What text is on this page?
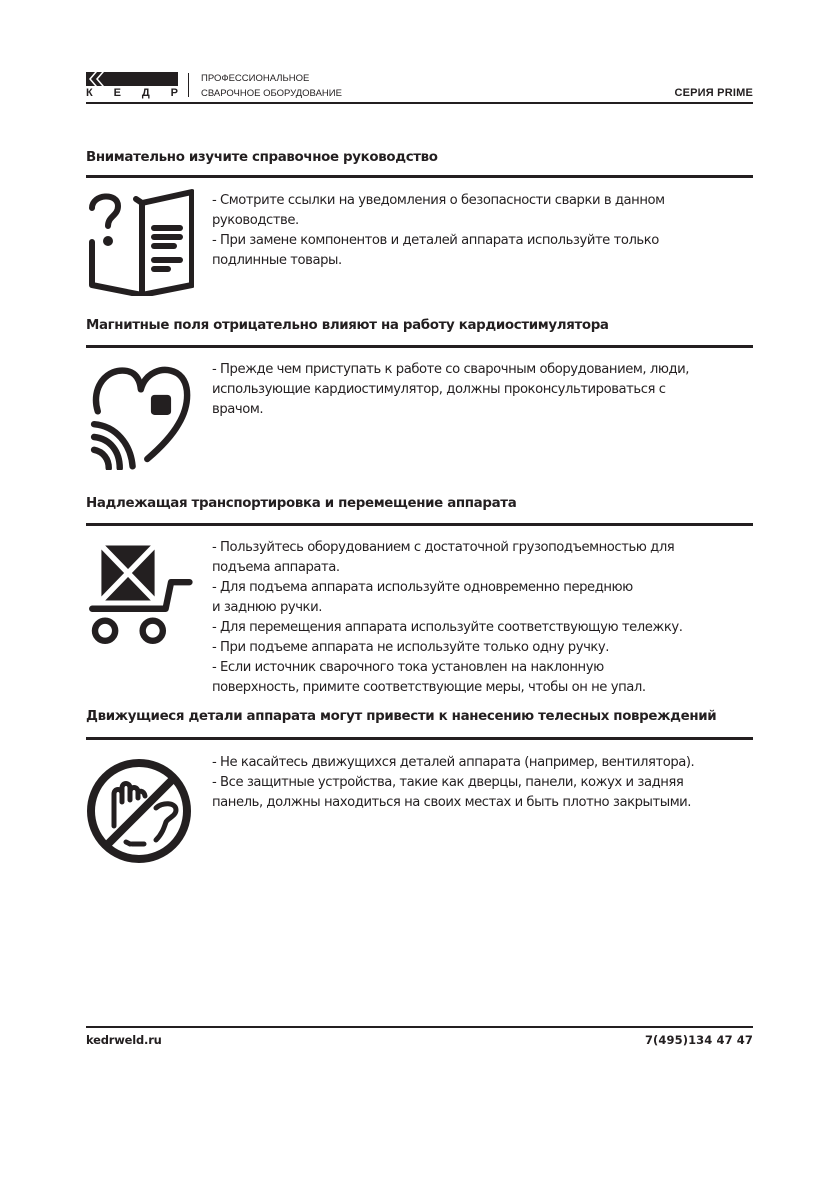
К Е Д Р
ПРОФЕССИОНАЛЬНОЕ
СВАРОЧНОЕ ОБОРУДОВАНИЕ	СЕРИЯ PRIME
Внимательно изучите справочное руководство
- Смотрите ссылки на уведомления о безопасности сварки в данном
руководстве.
- При замене компонентов и деталей аппарата используйте только
подлинные товары.
Магнитные поля отрицательно влияют на работу кардиостимулятора
- Прежде чем приступать к работе со сварочным оборудованием, люди,
использующие кардиостимулятор, должны проконсультироваться с
врачом.
Надлежащая транспортировка и перемещение аппарата
- Пользуйтесь оборудованием с достаточной грузоподъемностью для
подъема аппарата.
- Для подъема аппарата используйте одновременно переднюю
и заднюю ручки.
- Для перемещения аппарата используйте соответствующую тележку.
- При подъеме аппарата не используйте только одну ручку.
- Если источник сварочного тока установлен на наклонную
поверхность, примите соответствующие меры, чтобы он не упал.
Движущиеся детали аппарата могут привести к нанесению телесных повреждений
- Не касайтесь движущихся деталей аппарата (например, вентилятора).
- Все защитные устройства, такие как дверцы, панели, кожух и задняя
панель, должны находиться на своих местах и быть плотно закрытыми.
kedrweld.ru	7(495)134 47 47
